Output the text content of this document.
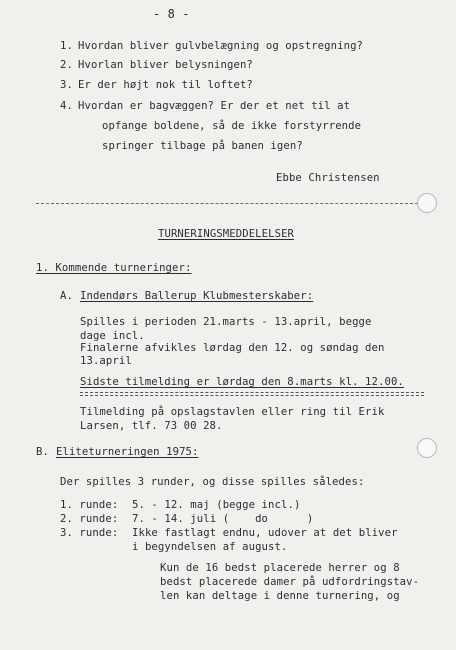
- 8 -
1. Hvordan bliver gulvbelægning og opstregning?
2. Hvorlan bliver belysningen?
3. Er der højt nok til loftet?
4. Hvordan er bagvæggen? Er der et net til at
opfange boldene, så de ikke forstyrrende
springer tilbage på banen igen?
Ebbe Christensen
TURNERINGSMEDDELELSER
1. Kommende turneringer:
A. Indendørs Ballerup Klubmesterskaber:
Spilles i perioden 21.marts - 13.april, begge
dage incl.
Finalerne afvikles lørdag den 12. og søndag den
13.april
Sidste tilmelding er lørdag den 8.marts kl. 12.00.
Tilmelding på opslagstavlen eller ring til Erik
Larsen, tlf. 73 00 28.
B. Eliteturneringen 1975:
Der spilles 3 runder, og disse spilles således:
1. runde: 5. - 12. maj (begge incl.)
2. runde: 7. - 14. juli (    do      )
3. runde: Ikke fastlagt endnu, udover at det bliver
i begyndelsen af august.
Kun de 16 bedst placerede herrer og 8
bedst placerede damer på udfordringstav-
len kan deltage i denne turnering, og
